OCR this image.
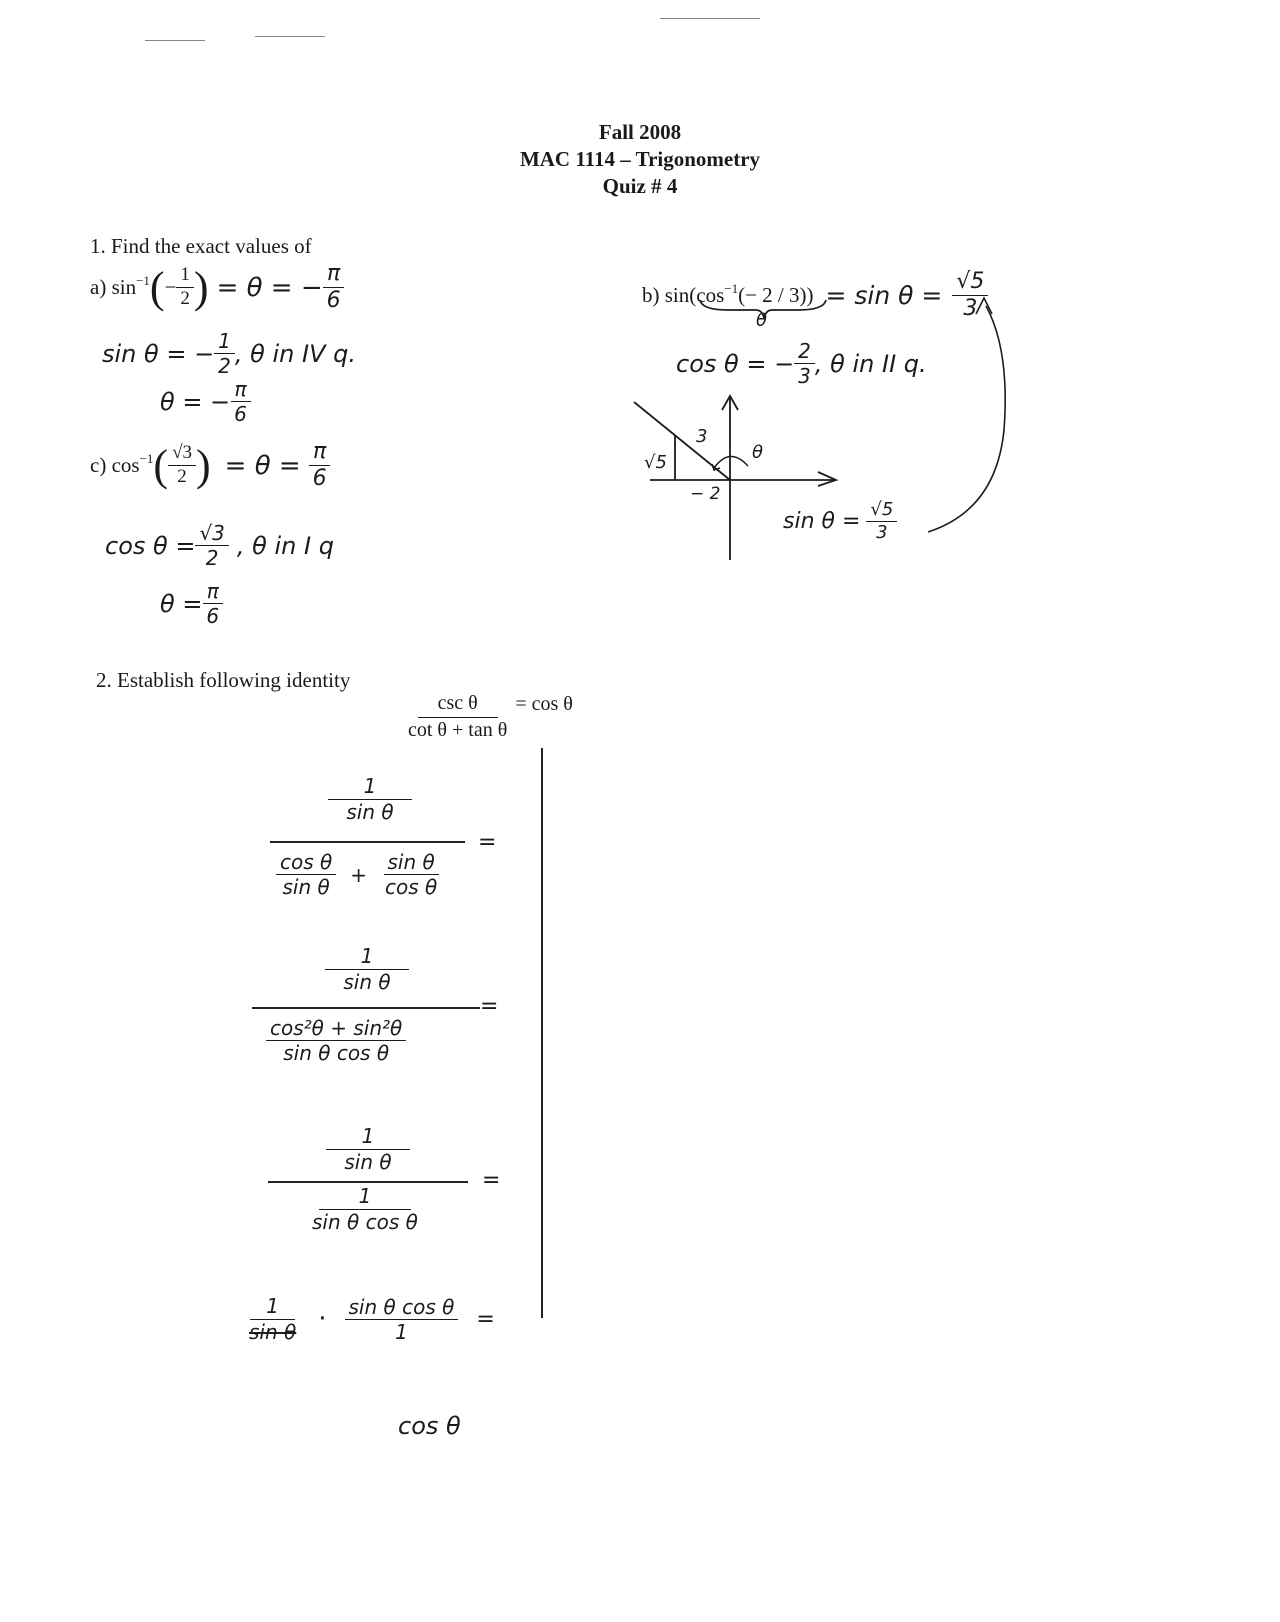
Fall 2008
MAC 1114 – Trigonometry
Quiz # 4
1. Find the exact values of
a) sin −1 ( − $\frac{1}{2}$ ) = θ = − $\frac{\pi}{6}$
sin θ = − $\frac{1}{2}$ , θ in IV q.
θ = − $\frac{\pi}{6}$
c) cos −1 ( $\frac{√3}{2}$ ) = $\theta = \frac{\pi}{6}$
$\cos \theta = \frac{√3}{2}$ , θ in I q
$\theta = \frac{\pi}{6}$
b) sin(cos −1 (− $2 / 3)) = \sin \theta = \frac{√5}{3}$
θ
cos θ = − $\frac{2}{3}$ , θ in II q.
3
√5
− 2
θ
$\sin \theta = \frac{√5}{3}$
2. Establish following identity
$\frac{\text{csc θ}}{\text{cot θ + tan θ}} = \cos \theta$
1
sin θ
$\frac{\text{cos θ}}{\text{sin θ}} + \frac{\text{sin θ}}{\text{cos θ}}$
=
1
sin θ
$\frac{\text{cos²θ + sin²θ}}{\text{sin θ cos θ}}$
=
1
sin θ
$\frac{1}{\text{sin θ cos θ}}$
=
$\frac{1}{\text{sin θ}} \cdot \frac{\text{sin θ cos θ}}{1}$ =
cos θ
